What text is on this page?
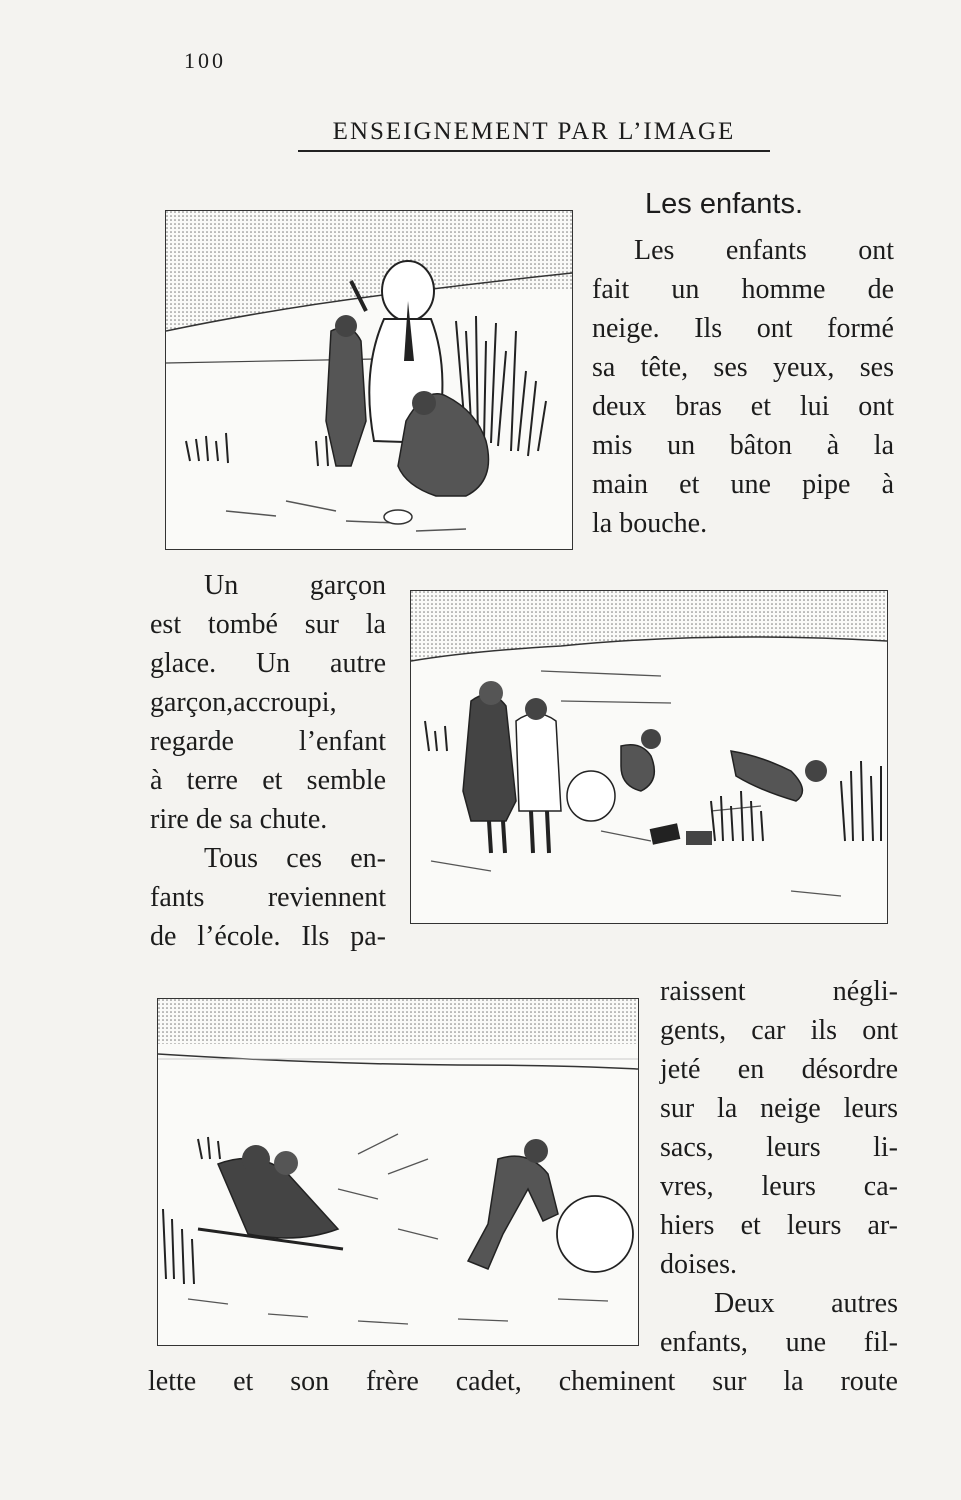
100
ENSEIGNEMENT PAR L’IMAGE
Les enfants.
Les enfants ont
fait un homme de
neige. Ils ont formé
sa tête, ses yeux, ses
deux bras et lui ont
mis un bâton à la
main et une pipe à
la bouche.
Un garçon
est tombé sur la
glace. Un autre
garçon,accroupi,
regarde l’enfant
à terre et semble
rire de sa chute.
Tous ces en-
fants reviennent
de l’école. Ils pa-
raissent négli-
gents, car ils ont
jeté en désordre
sur la neige leurs
sacs, leurs li-
vres, leurs ca-
hiers et leurs ar-
doises.
Deux autres
enfants, une fil-
lette et son frère cadet, cheminent sur la route
